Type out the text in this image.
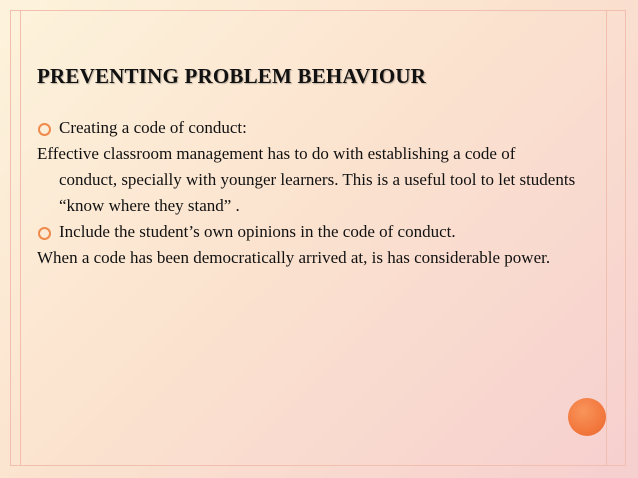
PREVENTING PROBLEM BEHAVIOUR
Creating a code of conduct:
Effective classroom management has to do with establishing a code of conduct, specially with younger learners. This is a useful tool to let students “know where they stand” .
Include the student’s own opinions in the code of conduct.
When a code has been democratically arrived at, is has considerable power.
